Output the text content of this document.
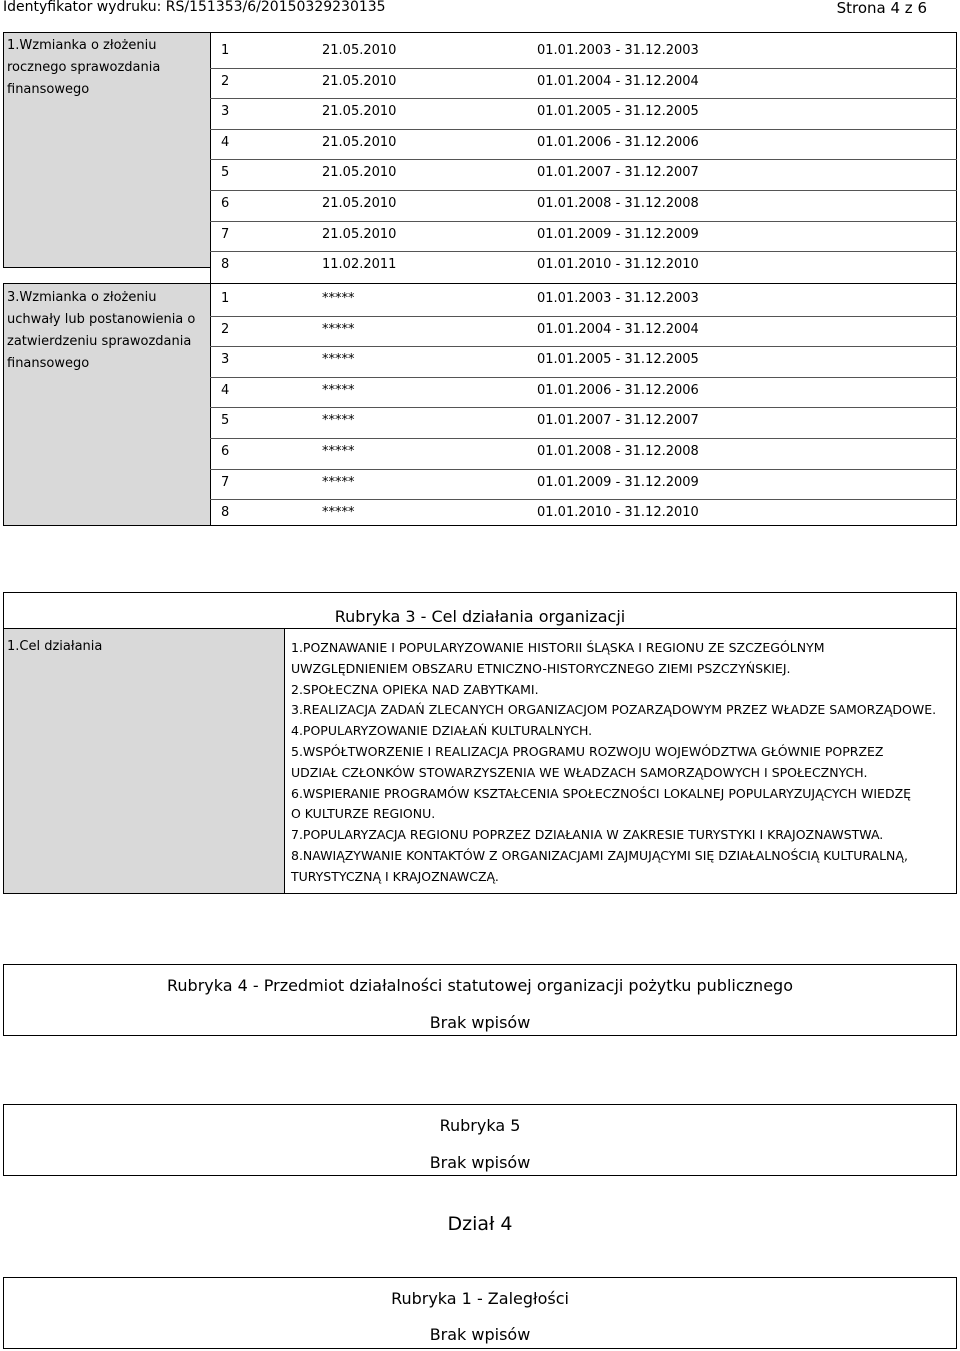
Identyfikator wydruku: RS/151353/6/20150329230135	Strona 4 z 6
1.Wzmianka o złożeniu rocznego sprawozdania finansowego
1	21.05.2010	01.01.2003 - 31.12.2003
2	21.05.2010	01.01.2004 - 31.12.2004
3	21.05.2010	01.01.2005 - 31.12.2005
4	21.05.2010	01.01.2006 - 31.12.2006
5	21.05.2010	01.01.2007 - 31.12.2007
6	21.05.2010	01.01.2008 - 31.12.2008
7	21.05.2010	01.01.2009 - 31.12.2009
8	11.02.2011	01.01.2010 - 31.12.2010
3.Wzmianka o złożeniu uchwały lub postanowienia o zatwierdzeniu sprawozdania finansowego
1	*****	01.01.2003 - 31.12.2003
2	*****	01.01.2004 - 31.12.2004
3	*****	01.01.2005 - 31.12.2005
4	*****	01.01.2006 - 31.12.2006
5	*****	01.01.2007 - 31.12.2007
6	*****	01.01.2008 - 31.12.2008
7	*****	01.01.2009 - 31.12.2009
8	*****	01.01.2010 - 31.12.2010
Rubryka 3 - Cel działania organizacji
1.Cel działania	1.POZNAWANIE I POPULARYZOWANIE HISTORII ŚLĄSKA I REGIONU ZE SZCZEGÓLNYM
UWZGLĘDNIENIEM OBSZARU ETNICZNO-HISTORYCZNEGO ZIEMI PSZCZYŃSKIEJ.
2.SPOŁECZNA OPIEKA NAD ZABYTKAMI.
3.REALIZACJA ZADAŃ ZLECANYCH ORGANIZACJOM POZARZĄDOWYM PRZEZ WŁADZE SAMORZĄDOWE.
4.POPULARYZOWANIE DZIAŁAŃ KULTURALNYCH.
5.WSPÓŁTWORZENIE I REALIZACJA PROGRAMU ROZWOJU WOJEWÓDZTWA GŁÓWNIE POPRZEZ
UDZIAŁ CZŁONKÓW STOWARZYSZENIA WE WŁADZACH SAMORZĄDOWYCH I SPOŁECZNYCH.
6.WSPIERANIE PROGRAMÓW KSZTAŁCENIA SPOŁECZNOŚCI LOKALNEJ POPULARYZUJĄCYCH WIEDZĘ
O KULTURZE REGIONU.
7.POPULARYZACJA REGIONU POPRZEZ DZIAŁANIA W ZAKRESIE TURYSTYKI I KRAJOZNAWSTWA.
8.NAWIĄZYWANIE KONTAKTÓW Z ORGANIZACJAMI ZAJMUJĄCYMI SIĘ DZIAŁALNOŚCIĄ KULTURALNĄ,
TURYSTYCZNĄ I KRAJOZNAWCZĄ.
Rubryka 4 - Przedmiot działalności statutowej organizacji pożytku publicznego
Brak wpisów
Rubryka 5
Brak wpisów
Dział 4
Rubryka 1 - Zaległości
Brak wpisów
